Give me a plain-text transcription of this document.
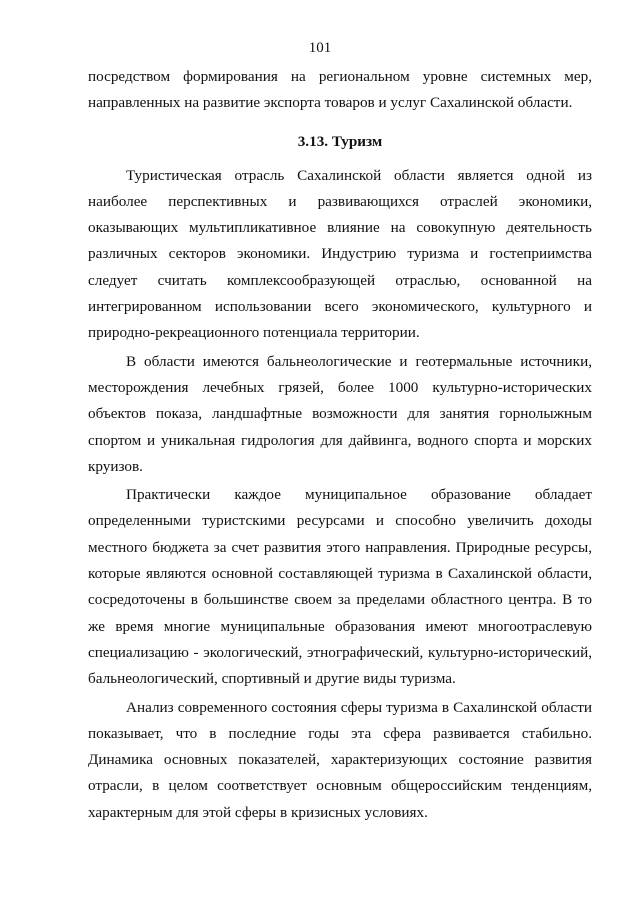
101

посредством формирования на региональном уровне системных мер, направленных на развитие экспорта товаров и услуг Сахалинской области.

3.13. Туризм

Туристическая отрасль Сахалинской области является одной из наиболее перспективных и развивающихся отраслей экономики, оказывающих мультипликативное влияние на совокупную деятельность различных секторов экономики. Индустрию туризма и гостеприимства следует считать комплексообразующей отраслью, основанной на интегрированном использовании всего экономического, культурного и природно-рекреационного потенциала территории.

В области имеются бальнеологические и геотермальные источники, месторождения лечебных грязей, более 1000 культурно-исторических объектов показа, ландшафтные возможности для занятия горнолыжным спортом и уникальная гидрология для дайвинга, водного спорта и морских круизов.

Практически каждое муниципальное образование обладает определенными туристскими ресурсами и способно увеличить доходы местного бюджета за счет развития этого направления. Природные ресурсы, которые являются основной составляющей туризма в Сахалинской области, сосредоточены в большинстве своем за пределами областного центра. В то же время многие муниципальные образования имеют многоотраслевую специализацию - экологический, этнографический, культурно-исторический, бальнеологический, спортивный и другие виды туризма.

Анализ современного состояния сферы туризма в Сахалинской области показывает, что в последние годы эта сфера развивается стабильно. Динамика основных показателей, характеризующих состояние развития отрасли, в целом соответствует основным общероссийским тенденциям, характерным для этой сферы в кризисных условиях.
